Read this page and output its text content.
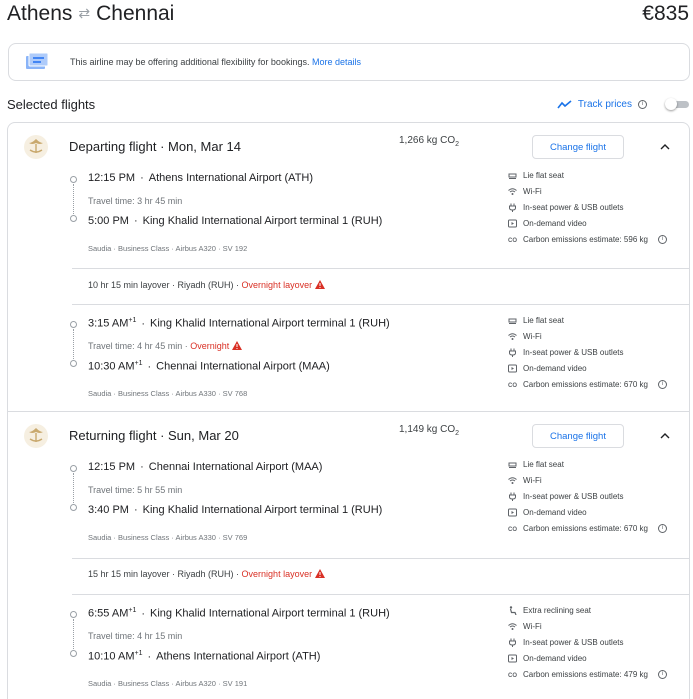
Athens ⇄ Chennai	€835
This airline may be offering additional flexibility for bookings. More details
Selected flights	Track prices	i
Departing flight · Mon, Mar 14	1,266 kg $CO_2$	Change flight
10 hr 15 min layover · Riyadh (RUH) · Overnight layover
12:15 PM · Athens International Airport (ATH)
Travel time: 3 hr 45 min
5:00 PM · King Khalid International Airport terminal 1 (RUH)
Saudia · Business Class · Airbus A320 · SV 192
Lie flat seat
Wi-Fi
In-seat power & USB outlets
On-demand video
CO Carbon emissions estimate: 596 kg	i
3:15 $AM^{+1}$ · King Khalid International Airport terminal 1 (RUH)
Travel time: 4 hr 45 min · Overnight
10:30 $AM^{+1}$ · Chennai International Airport (MAA)
Saudia · Business Class · Airbus A330 · SV 768
Lie flat seat
Wi-Fi
In-seat power & USB outlets
On-demand video
CO Carbon emissions estimate: 670 kg	i
Returning flight · Sun, Mar 20	1,149 kg $CO_2$	Change flight
15 hr 15 min layover · Riyadh (RUH) · Overnight layover
12:15 PM · Chennai International Airport (MAA)
Travel time: 5 hr 55 min
3:40 PM · King Khalid International Airport terminal 1 (RUH)
Saudia · Business Class · Airbus A330 · SV 769
Lie flat seat
Wi-Fi
In-seat power & USB outlets
On-demand video
CO Carbon emissions estimate: 670 kg	i
6:55 $AM^{+1}$ · King Khalid International Airport terminal 1 (RUH)
Travel time: 4 hr 15 min
10:10 $AM^{+1}$ · Athens International Airport (ATH)
Saudia · Business Class · Airbus A320 · SV 191
Extra reclining seat
Wi-Fi
In-seat power & USB outlets
On-demand video
CO Carbon emissions estimate: 479 kg	i
